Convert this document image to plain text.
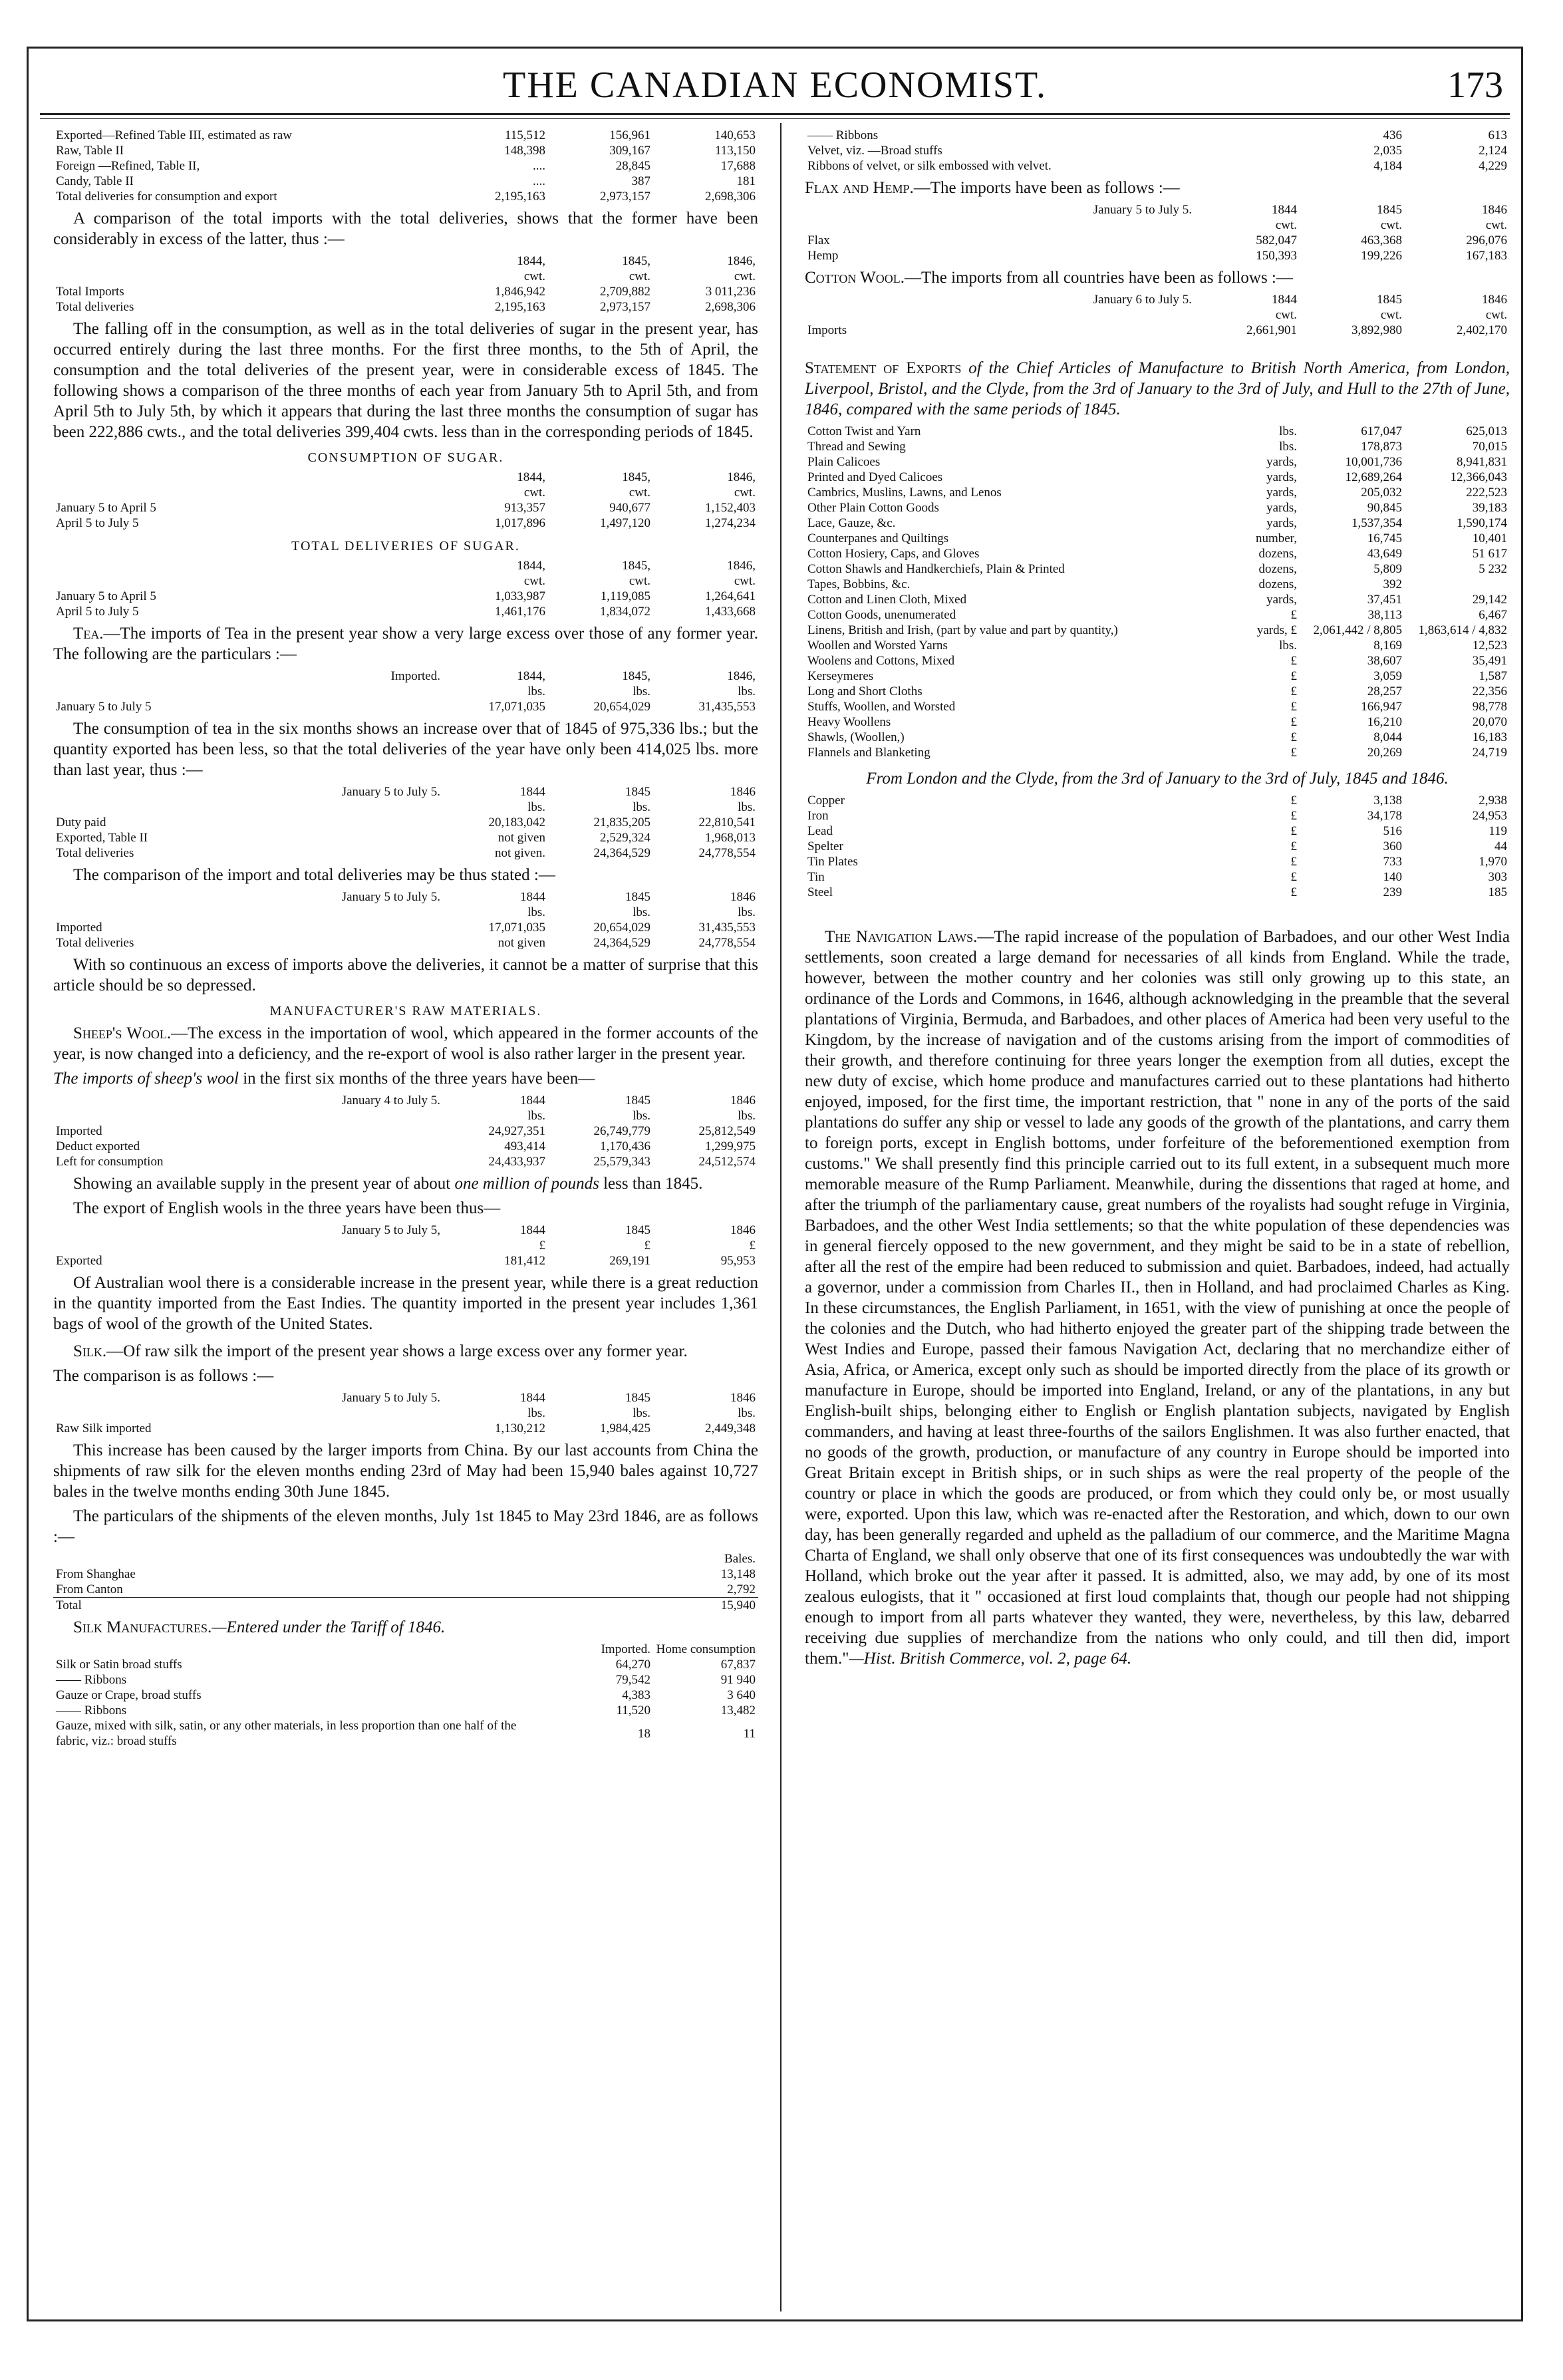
THE CANADIAN ECONOMIST.	173
Exported—Refined Table III, estimated as raw	115,512	156,961	140,653
Raw, Table II	148,398	309,167	113,150
Foreign —Refined, Table II,	....	28,845	17,688
Candy, Table II	....	387	181
Total deliveries for consumption and export	2,195,163	2,973,157	2,698,306

A comparison of the total imports with the total deliveries, shows that the former have been considerably in excess of the latter, thus :—

	1844,	1845,	1846,
	cwt.	cwt.	cwt.
Total Imports	1,846,942	2,709,882	3 011,236
Total deliveries	2,195,163	2,973,157	2,698,306

The falling off in the consumption, as well as in the total deliveries of sugar in the present year, has occurred entirely during the last three months. For the first three months, to the 5th of April, the consumption and the total deliveries of the present year, were in considerable excess of 1845. The following shows a comparison of the three months of each year from January 5th to April 5th, and from April 5th to July 5th, by which it appears that during the last three months the consumption of sugar has been 222,886 cwts., and the total deliveries 399,404 cwts. less than in the corresponding periods of 1845.

CONSUMPTION OF SUGAR.
	1844,	1845,	1846,
	cwt.	cwt.	cwt.
January 5 to April 5	913,357	940,677	1,152,403
April 5 to July 5	1,017,896	1,497,120	1,274,234
TOTAL DELIVERIES OF SUGAR.
	1844,	1845,	1846,
	cwt.	cwt.	cwt.
January 5 to April 5	1,033,987	1,119,085	1,264,641
April 5 to July 5	1,461,176	1,834,072	1,433,668

Tea.—The imports of Tea in the present year show a very large excess over those of any former year. The following are the particulars :—

Imported.	1844,	1845,	1846,
	lbs.	lbs.	lbs.
January 5 to July 5	17,071,035	20,654,029	31,435,553

The consumption of tea in the six months shows an increase over that of 1845 of 975,336 lbs.; but the quantity exported has been less, so that the total deliveries of the year have only been 414,025 lbs. more than last year, thus :—

January 5 to July 5.	1844	1845	1846
	lbs.	lbs.	lbs.
Duty paid	20,183,042	21,835,205	22,810,541
Exported, Table II	not given	2,529,324	1,968,013
Total deliveries	not given.	24,364,529	24,778,554

The comparison of the import and total deliveries may be thus stated :—

January 5 to July 5.	1844	1845	1846
	lbs.	lbs.	lbs.
Imported	17,071,035	20,654,029	31,435,553
Total deliveries	not given	24,364,529	24,778,554

With so continuous an excess of imports above the deliveries, it cannot be a matter of surprise that this article should be so depressed.

MANUFACTURER'S RAW MATERIALS.

Sheep's Wool.—The excess in the importation of wool, which appeared in the former accounts of the year, is now changed into a deficiency, and the re-export of wool is also rather larger in the present year.

The imports of sheep's wool in the first six months of the three years have been—

January 4 to July 5.	1844	1845	1846
	lbs.	lbs.	lbs.
Imported	24,927,351	26,749,779	25,812,549
Deduct exported	493,414	1,170,436	1,299,975
Left for consumption	24,433,937	25,579,343	24,512,574

Showing an available supply in the present year of about one million of pounds less than 1845.

The export of English wools in the three years have been thus—

January 5 to July 5,	1844	1845	1846
	£	£	£
Exported	181,412	269,191	95,953

Of Australian wool there is a considerable increase in the present year, while there is a great reduction in the quantity imported from the East Indies. The quantity imported in the present year includes 1,361 bags of wool of the growth of the United States.

Silk.—Of raw silk the import of the present year shows a large excess over any former year.

The comparison is as follows :—

January 5 to July 5.	1844	1845	1846
	lbs.	lbs.	lbs.
Raw Silk imported	1,130,212	1,984,425	2,449,348

This increase has been caused by the larger imports from China. By our last accounts from China the shipments of raw silk for the eleven months ending 23rd of May had been 15,940 bales against 10,727 bales in the twelve months ending 30th June 1845.

The particulars of the shipments of the eleven months, July 1st 1845 to May 23rd 1846, are as follows :—

	Bales.
From Shanghae	13,148
From Canton	2,792
Total	15,940

Silk Manufactures.—Entered under the Tariff of 1846.

	Imported.	Home consumption
Silk or Satin broad stuffs	64,270	67,837
—— Ribbons	79,542	91 940
Gauze or Crape, broad stuffs	4,383	3 640
—— Ribbons	11,520	13,482
Gauze, mixed with silk, satin, or any other materials, in less proportion than one half of the fabric, viz.: broad stuffs	18	11
—— Ribbons	436	613
Velvet, viz. —Broad stuffs	2,035	2,124
Ribbons of velvet, or silk embossed with velvet.	4,184	4,229

Flax and Hemp.—The imports have been as follows :—

January 5 to July 5.	1844	1845	1846
	cwt.	cwt.	cwt.
Flax	582,047	463,368	296,076
Hemp	150,393	199,226	167,183

Cotton Wool.—The imports from all countries have been as follows :—

January 6 to July 5.	1844	1845	1846
	cwt.	cwt.	cwt.
Imports	2,661,901	3,892,980	2,402,170

Statement of Exports of the Chief Articles of Manufacture to British North America, from London, Liverpool, Bristol, and the Clyde, from the 3rd of January to the 3rd of July, and Hull to the 27th of June, 1846, compared with the same periods of 1845.

Cotton Twist and Yarn	lbs.	617,047	625,013
Thread and Sewing	lbs.	178,873	70,015
Plain Calicoes	yards,	10,001,736	8,941,831
Printed and Dyed Calicoes	yards,	12,689,264	12,366,043
Cambrics, Muslins, Lawns, and Lenos	yards,	205,032	222,523
Other Plain Cotton Goods	yards,	90,845	39,183
Lace, Gauze, &c.	yards,	1,537,354	1,590,174
Counterpanes and Quiltings	number,	16,745	10,401
Cotton Hosiery, Caps, and Gloves	dozens,	43,649	51 617
Cotton Shawls and Handkerchiefs, Plain & Printed	dozens,	5,809	5 232
Tapes, Bobbins, &c.	dozens,	392	
Cotton and Linen Cloth, Mixed	yards,	37,451	29,142
Cotton Goods, unenumerated	£	38,113	6,467
Linens, British and Irish, (part by value and part by quantity,)	yards, £	2,061,442 / 8,805	1,863,614 / 4,832
Woollen and Worsted Yarns	lbs.	8,169	12,523
Woolens and Cottons, Mixed	£	38,607	35,491
Kerseymeres	£	3,059	1,587
Long and Short Cloths	£	28,257	22,356
Stuffs, Woollen, and Worsted	£	166,947	98,778
Heavy Woollens	£	16,210	20,070
Shawls, (Woollen,)	£	8,044	16,183
Flannels and Blanketing	£	20,269	24,719
From London and the Clyde, from the 3rd of January to the 3rd of July, 1845 and 1846.
Copper	£	3,138	2,938
Iron	£	34,178	24,953
Lead	£	516	119
Spelter	£	360	44
Tin Plates	£	733	1,970
Tin	£	140	303
Steel	£	239	185

The Navigation Laws.—The rapid increase of the population of Barbadoes, and our other West India settlements, soon created a large demand for necessaries of all kinds from England. While the trade, however, between the mother country and her colonies was still only growing up to this state, an ordinance of the Lords and Commons, in 1646, although acknowledging in the preamble that the several plantations of Virginia, Bermuda, and Barbadoes, and other places of America had been very useful to the Kingdom, by the increase of navigation and of the customs arising from the import of commodities of their growth, and therefore continuing for three years longer the exemption from all duties, except the new duty of excise, which home produce and manufactures carried out to these plantations had hitherto enjoyed, imposed, for the first time, the important restriction, that " none in any of the ports of the said plantations do suffer any ship or vessel to lade any goods of the growth of the plantations, and carry them to foreign ports, except in English bottoms, under forfeiture of the beforementioned exemption from customs." We shall presently find this principle carried out to its full extent, in a subsequent much more memorable measure of the Rump Parliament. Meanwhile, during the dissentions that raged at home, and after the triumph of the parliamentary cause, great numbers of the royalists had sought refuge in Virginia, Barbadoes, and the other West India settlements; so that the white population of these dependencies was in general fiercely opposed to the new government, and they might be said to be in a state of rebellion, after all the rest of the empire had been reduced to submission and quiet. Barbadoes, indeed, had actually a governor, under a commission from Charles II., then in Holland, and had proclaimed Charles as King. In these circumstances, the English Parliament, in 1651, with the view of punishing at once the people of the colonies and the Dutch, who had hitherto enjoyed the greater part of the shipping trade between the West Indies and Europe, passed their famous Navigation Act, declaring that no merchandize either of Asia, Africa, or America, except only such as should be imported directly from the place of its growth or manufacture in Europe, should be imported into England, Ireland, or any of the plantations, in any but English-built ships, belonging either to English or English plantation subjects, navigated by English commanders, and having at least three-fourths of the sailors Englishmen. It was also further enacted, that no goods of the growth, production, or manufacture of any country in Europe should be imported into Great Britain except in British ships, or in such ships as were the real property of the people of the country or place in which the goods are produced, or from which they could only be, or most usually were, exported. Upon this law, which was re-enacted after the Restoration, and which, down to our own day, has been generally regarded and upheld as the palladium of our commerce, and the Maritime Magna Charta of England, we shall only observe that one of its first consequences was undoubtedly the war with Holland, which broke out the year after it passed. It is admitted, also, we may add, by one of its most zealous eulogists, that it " occasioned at first loud complaints that, though our people had not shipping enough to import from all parts whatever they wanted, they were, nevertheless, by this law, debarred receiving due supplies of merchandize from the nations who only could, and till then did, import them."—Hist. British Commerce, vol. 2, page 64.
